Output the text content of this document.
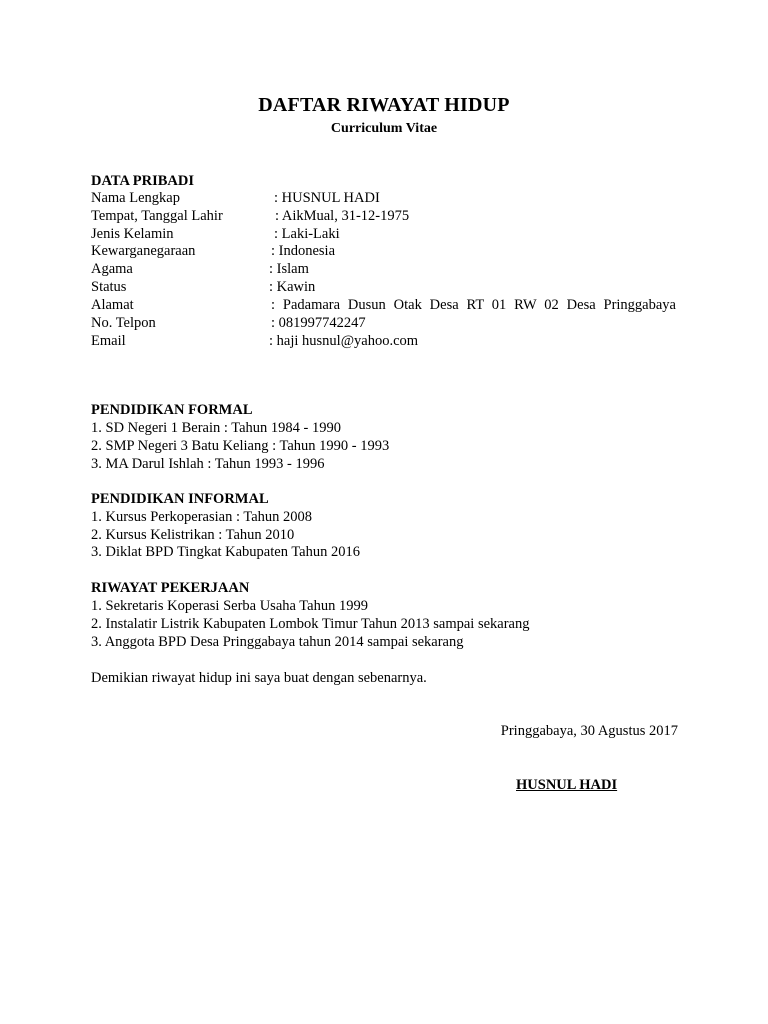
DAFTAR RIWAYAT HIDUP
Curriculum Vitae
DATA PRIBADI
Nama Lengkap	: HUSNUL HADI
Tempat, Tanggal Lahir	: AikMual, 31-12-1975
Jenis Kelamin	: Laki-Laki
Kewarganegaraan	: Indonesia
Agama	: Islam
Status	: Kawin
Alamat	: Padamara Dusun Otak Desa RT 01 RW 02 Desa Pringgabaya
No. Telpon	: 081997742247
Email	: haji husnul@yahoo.com
PENDIDIKAN FORMAL
1. SD Negeri 1 Berain : Tahun 1984 - 1990
2. SMP Negeri 3 Batu Keliang : Tahun 1990 - 1993
3. MA Darul Ishlah : Tahun 1993 - 1996
PENDIDIKAN INFORMAL
1. Kursus Perkoperasian : Tahun 2008
2. Kursus Kelistrikan : Tahun 2010
3. Diklat BPD Tingkat Kabupaten Tahun 2016
RIWAYAT PEKERJAAN
1. Sekretaris Koperasi Serba Usaha Tahun 1999
2. Instalatir Listrik Kabupaten Lombok Timur Tahun 2013 sampai sekarang
3. Anggota BPD Desa Pringgabaya tahun 2014 sampai sekarang
Demikian riwayat hidup ini saya buat dengan sebenarnya.
Pringgabaya, 30 Agustus 2017
HUSNUL HADI
